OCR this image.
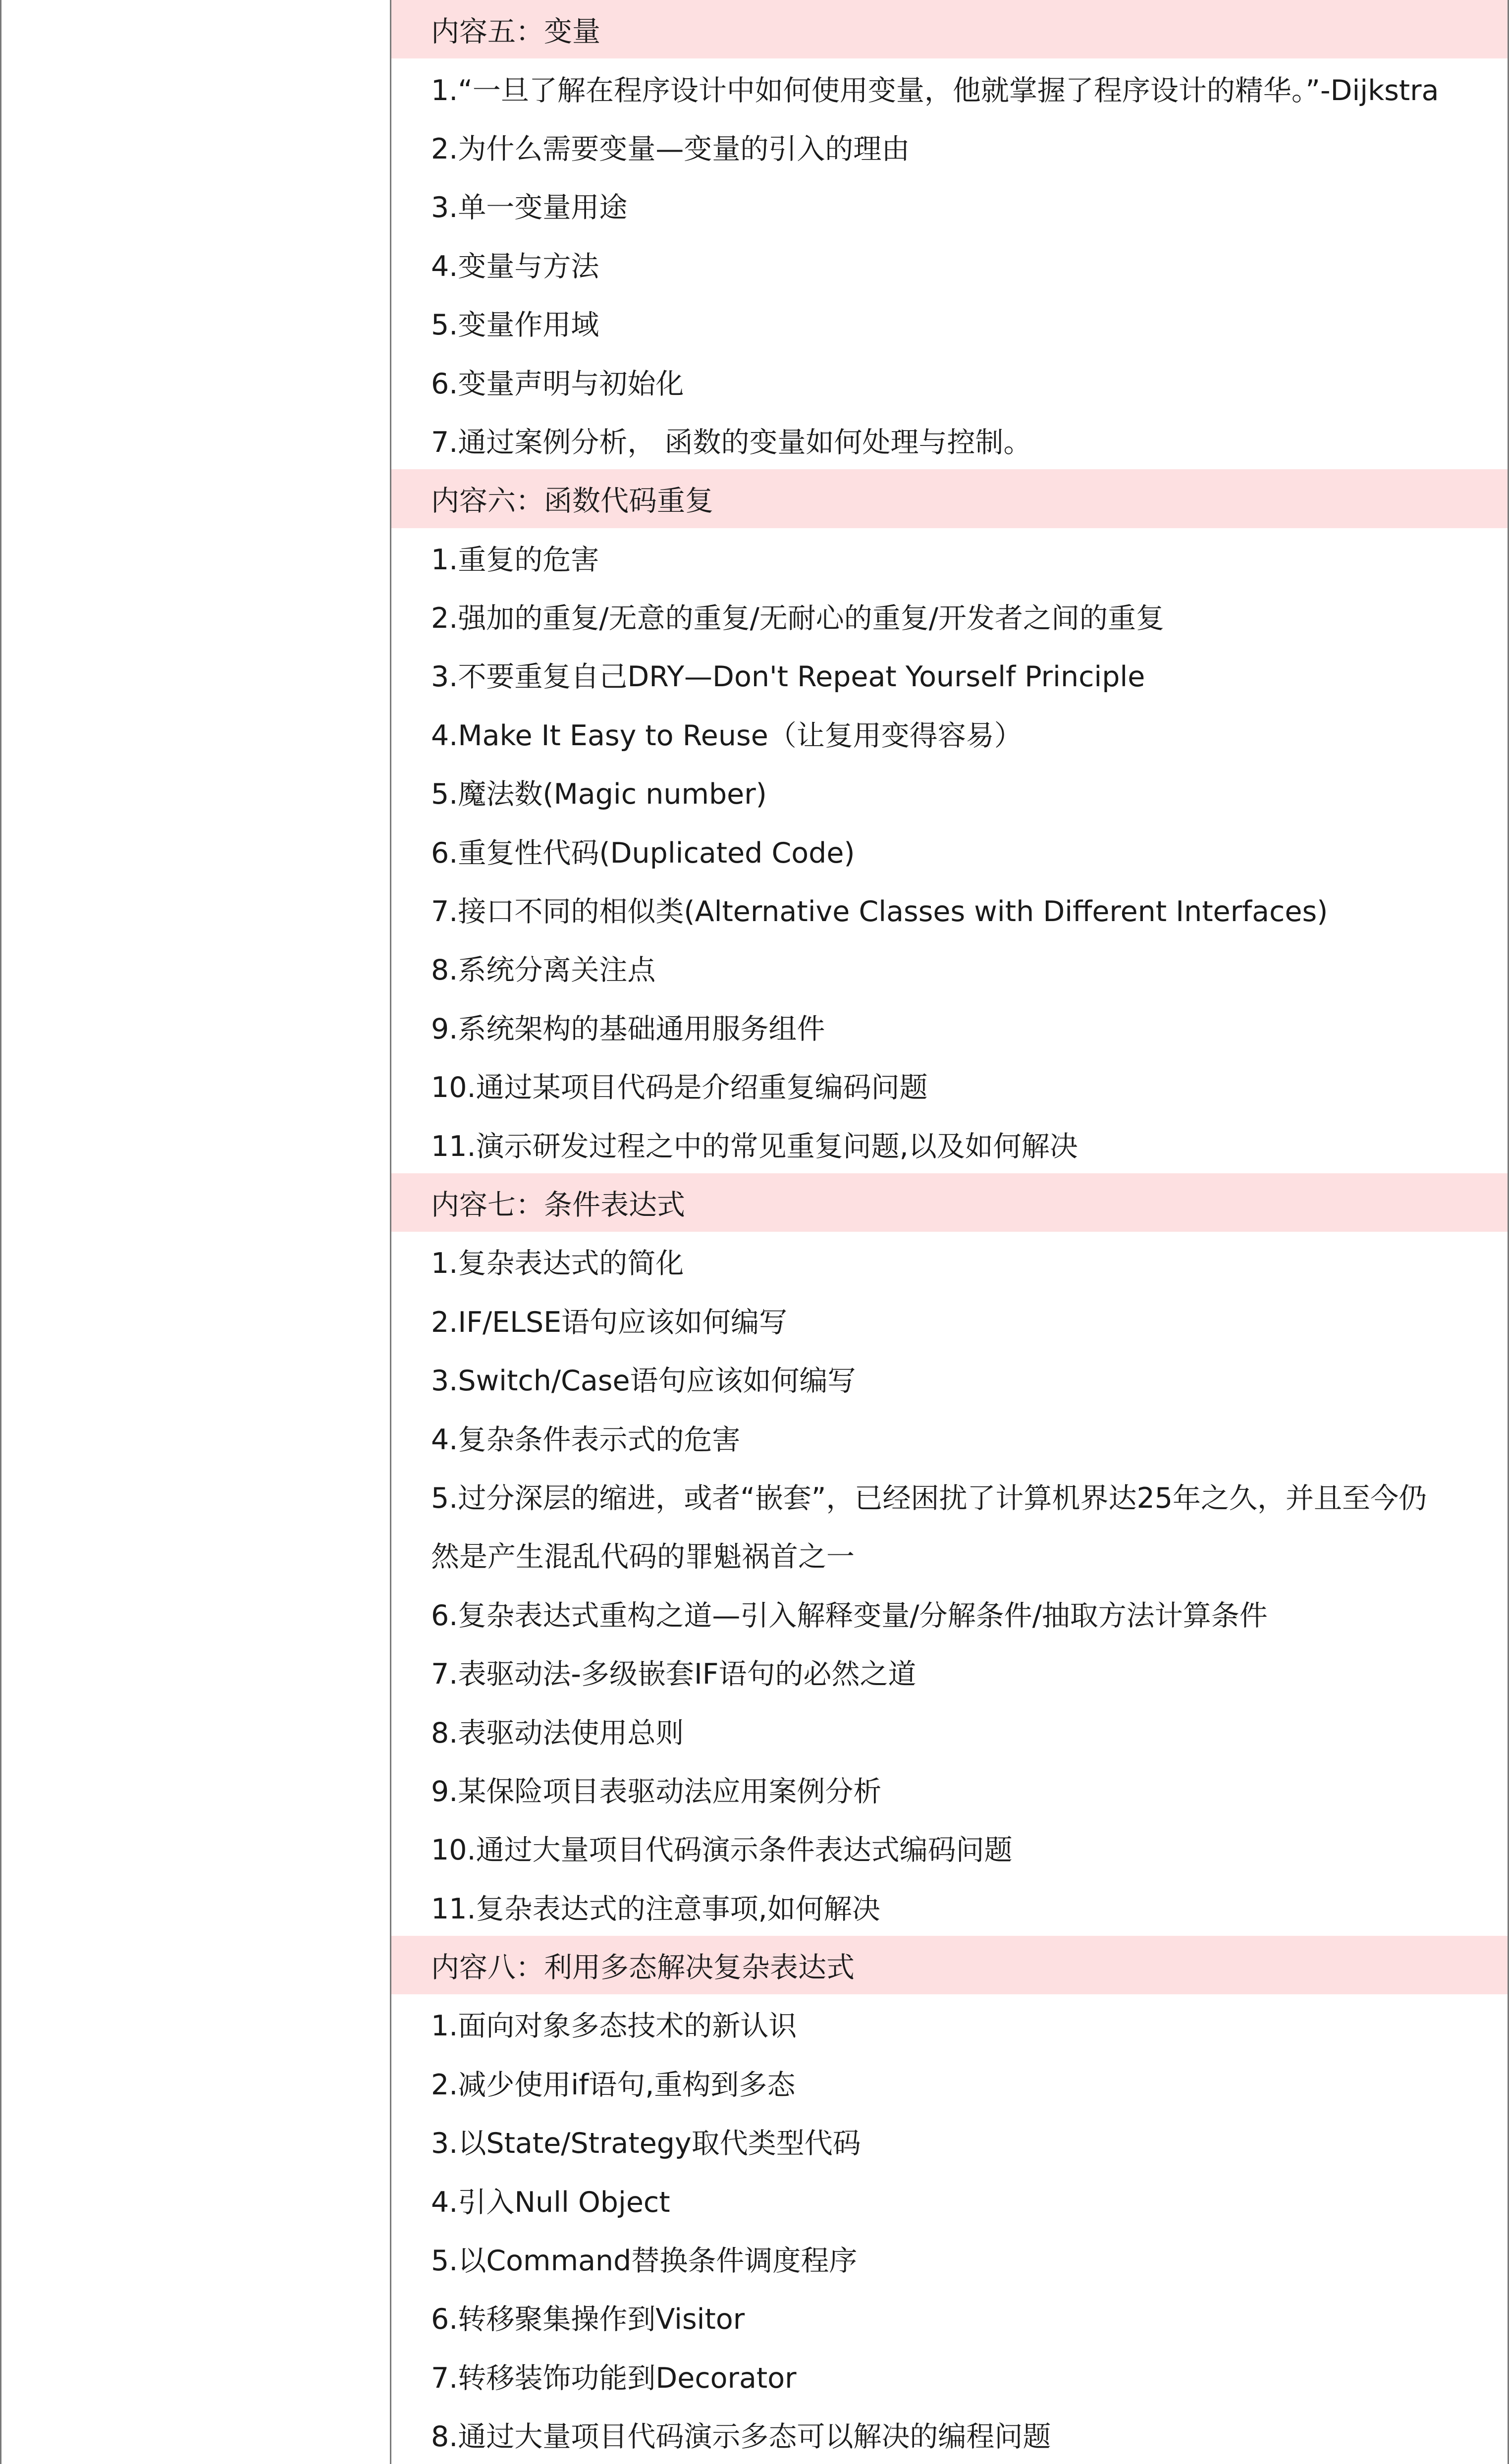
内容五：变量
1.“一旦了解在程序设计中如何使用变量，他就掌握了程序设计的精华。”-Dijkstra
2.为什么需要变量—变量的引入的理由
3.单一变量用途
4.变量与方法
5.变量作用域
6.变量声明与初始化
7.通过案例分析， 函数的变量如何处理与控制。
内容六：函数代码重复
1.重复的危害
2.强加的重复/无意的重复/无耐心的重复/开发者之间的重复
3.不要重复自己DRY—Don't Repeat Yourself Principle
4.Make It Easy to Reuse（让复用变得容易）
5.魔法数(Magic number)
6.重复性代码(Duplicated Code)
7.接口不同的相似类(Alternative Classes with Different Interfaces)
8.系统分离关注点
9.系统架构的基础通用服务组件
10.通过某项目代码是介绍重复编码问题
11.演示研发过程之中的常见重复问题,以及如何解决
内容七：条件表达式
1.复杂表达式的简化
2.IF/ELSE语句应该如何编写
3.Switch/Case语句应该如何编写
4.复杂条件表示式的危害
5.过分深层的缩进，或者“嵌套”，已经困扰了计算机界达25年之久，并且至今仍
然是产生混乱代码的罪魁祸首之一
6.复杂表达式重构之道—引入解释变量/分解条件/抽取方法计算条件
7.表驱动法-多级嵌套IF语句的必然之道
8.表驱动法使用总则
9.某保险项目表驱动法应用案例分析
10.通过大量项目代码演示条件表达式编码问题
11.复杂表达式的注意事项,如何解决
内容八：利用多态解决复杂表达式
1.面向对象多态技术的新认识
2.减少使用if语句,重构到多态
3.以State/Strategy取代类型代码
4.引入Null Object
5.以Command替换条件调度程序
6.转移聚集操作到Visitor
7.转移装饰功能到Decorator
8.通过大量项目代码演示多态可以解决的编程问题
